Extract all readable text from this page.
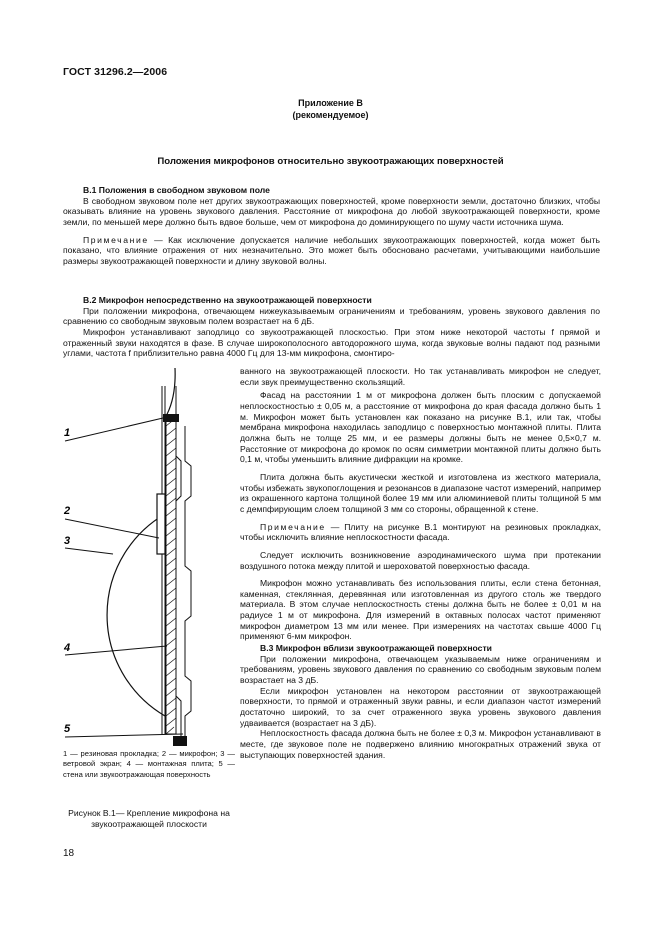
ГОСТ 31296.2—2006
Приложение В
(рекомендуемое)
Положения микрофонов относительно звукоотражающих поверхностей

В.1 Положения в свободном звуковом поле

В свободном звуковом поле нет других звукоотражающих поверхностей, кроме поверхности земли, достаточно близких, чтобы оказывать влияние на уровень звукового давления. Расстояние от микрофона до любой звукоотражающей поверхности, кроме земли, по меньшей мере должно быть вдвое больше, чем от микрофона до доминирующего по шуму части источника шума.

Примечание — Как исключение допускается наличие небольших звукоотражающих поверхностей, когда может быть показано, что влияние отражения от них незначительно. Это может быть обосновано расчетами, учитывающими наибольшие размеры звукоотражающей поверхности и длину звуковой волны.

В.2 Микрофон непосредственно на звукоотражающей поверхности

При положении микрофона, отвечающем нижеуказываемым ограничениям и требованиям, уровень звукового давления по сравнению со свободным звуковым полем возрастает на 6 дБ.

Микрофон устанавливают заподлицо со звукоотражающей плоскостью. При этом ниже некоторой частоты f прямой и отраженный звуки находятся в фазе. В случае широкополосного автодорожного шума, когда звуковые волны падают под разными углами, частота f приблизительно равна 4000 Гц для 13-мм микрофона, смонтиро-

ванного на звукоотражающей плоскости. Но так устанавливать микрофон не следует, если звук преимущественно скользящий.

Фасад на расстоянии 1 м от микрофона должен быть плоским с допускаемой неплоскостностью ± 0,05 м, а расстояние от микрофона до края фасада должно быть 1 м. Микрофон может быть установлен как показано на рисунке В.1, или так, чтобы мембрана микрофона находилась заподлицо с поверхностью монтажной плиты. Плита должна быть не толще 25 мм, и ее размеры должны быть не менее 0,5×0,7 м. Расстояние от микрофона до кромок по осям симметрии монтажной плиты должно быть 0,1 м, чтобы уменьшить влияние дифракции на кромке.

Плита должна быть акустически жесткой и изготовлена из жесткого материала, чтобы избежать звукопоглощения и резонансов в диапазоне частот измерений, например из окрашенного картона толщиной более 19 мм или алюминиевой плиты толщиной 5 мм с демпфирующим слоем толщиной 3 мм со стороны, обращенной к стене.

Примечание — Плиту на рисунке В.1 монтируют на резиновых прокладках, чтобы исключить влияние неплоскостности фасада.

Следует исключить возникновение аэродинамического шума при протекании воздушного потока между плитой и шероховатой поверхностью фасада.

Микрофон можно устанавливать без использования плиты, если стена бетонная, каменная, стеклянная, деревянная или изготовленная из другого столь же твердого материала. В этом случае неплоскостность стены должна быть не более ± 0,01 м на радиусе 1 м от микрофона. Для измерений в октавных полосах частот применяют микрофон диаметром 13 мм или менее. При измерениях на частотах свыше 4000 Гц применяют 6-мм микрофон.

В.3 Микрофон вблизи звукоотражающей поверхности

При положении микрофона, отвечающем указываемым ниже ограничениям и требованиям, уровень звукового давления по сравнению со свободным звуковым полем возрастает на 3 дБ.

Если микрофон установлен на некотором расстоянии от звукоотражающей поверхности, то прямой и отраженный звуки равны, и если диапазон частот измерений достаточно широкий, то за счет отраженного звука уровень звукового давления удваивается (возрастает на 3 дБ).

Неплоскостность фасада должна быть не более ± 0,3 м. Микрофон устанавливают в месте, где звуковое поле не подвержено влиянию многократных отражений звука от выступающих поверхностей здания.

1
2
3
4
5
1 — резиновая прокладка; 2 — микрофон; 3 — ветровой экран; 4 — монтажная плита; 5 — стена или звукоотражающая поверхность
Рисунок В.1— Крепление микрофона на звукоотражающей плоскости
18
